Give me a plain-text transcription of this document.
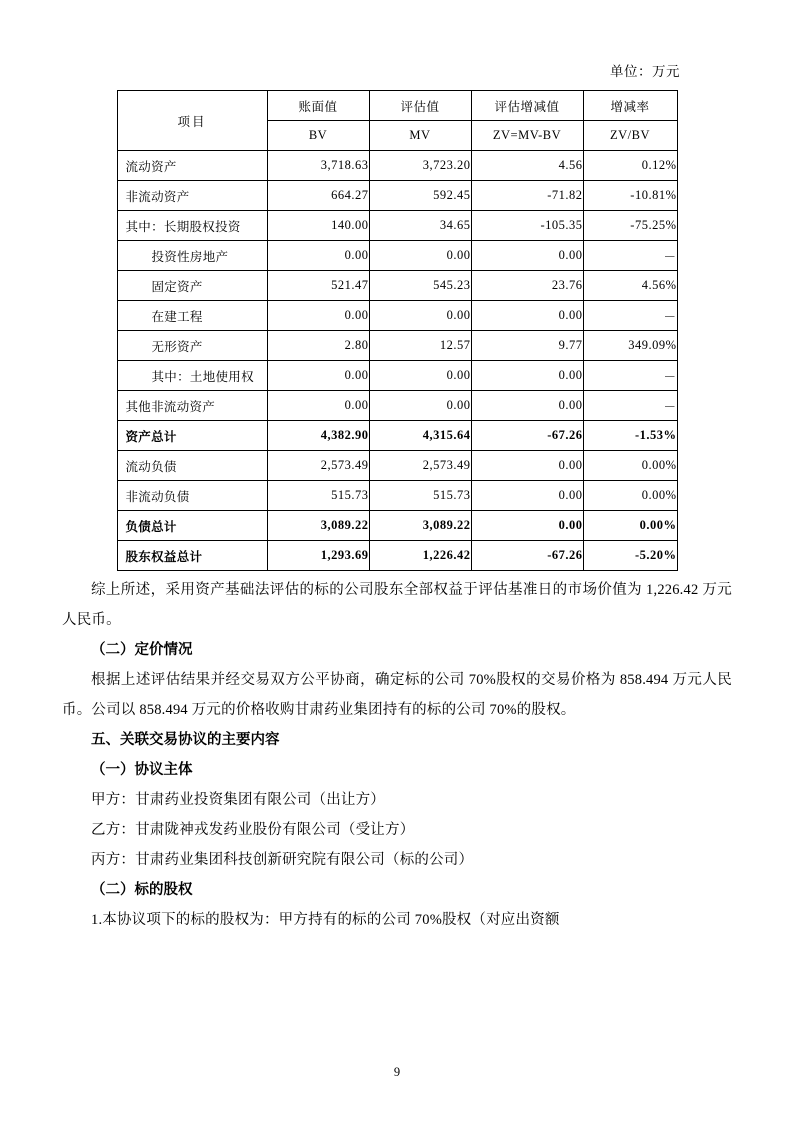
单位：万元
项目	账面值	评估值	评估增减值	增减率
	BV	MV	ZV=MV-BV	ZV/BV
流动资产	3,718.63	3,723.20	4.56	0.12%
非流动资产	664.27	592.45	-71.82	-10.81%
其中：长期股权投资	140.00	34.65	-105.35	-75.25%
投资性房地产	0.00	0.00	0.00	－
固定资产	521.47	545.23	23.76	4.56%
在建工程	0.00	0.00	0.00	－
无形资产	2.80	12.57	9.77	349.09%
其中：土地使用权	0.00	0.00	0.00	－
其他非流动资产	0.00	0.00	0.00	－
资产总计	4,382.90	4,315.64	-67.26	-1.53%
流动负债	2,573.49	2,573.49	0.00	0.00%
非流动负债	515.73	515.73	0.00	0.00%
负债总计	3,089.22	3,089.22	0.00	0.00%
股东权益总计	1,293.69	1,226.42	-67.26	-5.20%

综上所述，采用资产基础法评估的标的公司股东全部权益于评估基准日的市场价值为 1,226.42 万元人民币。

（二）定价情况

根据上述评估结果并经交易双方公平协商，确定标的公司 70%股权的交易价格为 858.494 万元人民币。公司以 858.494 万元的价格收购甘肃药业集团持有的标的公司 70%的股权。

五、关联交易协议的主要内容

（一）协议主体

甲方：甘肃药业投资集团有限公司（出让方）

乙方：甘肃陇神戎发药业股份有限公司（受让方）

丙方：甘肃药业集团科技创新研究院有限公司（标的公司）

（二）标的股权

1.本协议项下的标的股权为：甲方持有的标的公司 70%股权（对应出资额

9
